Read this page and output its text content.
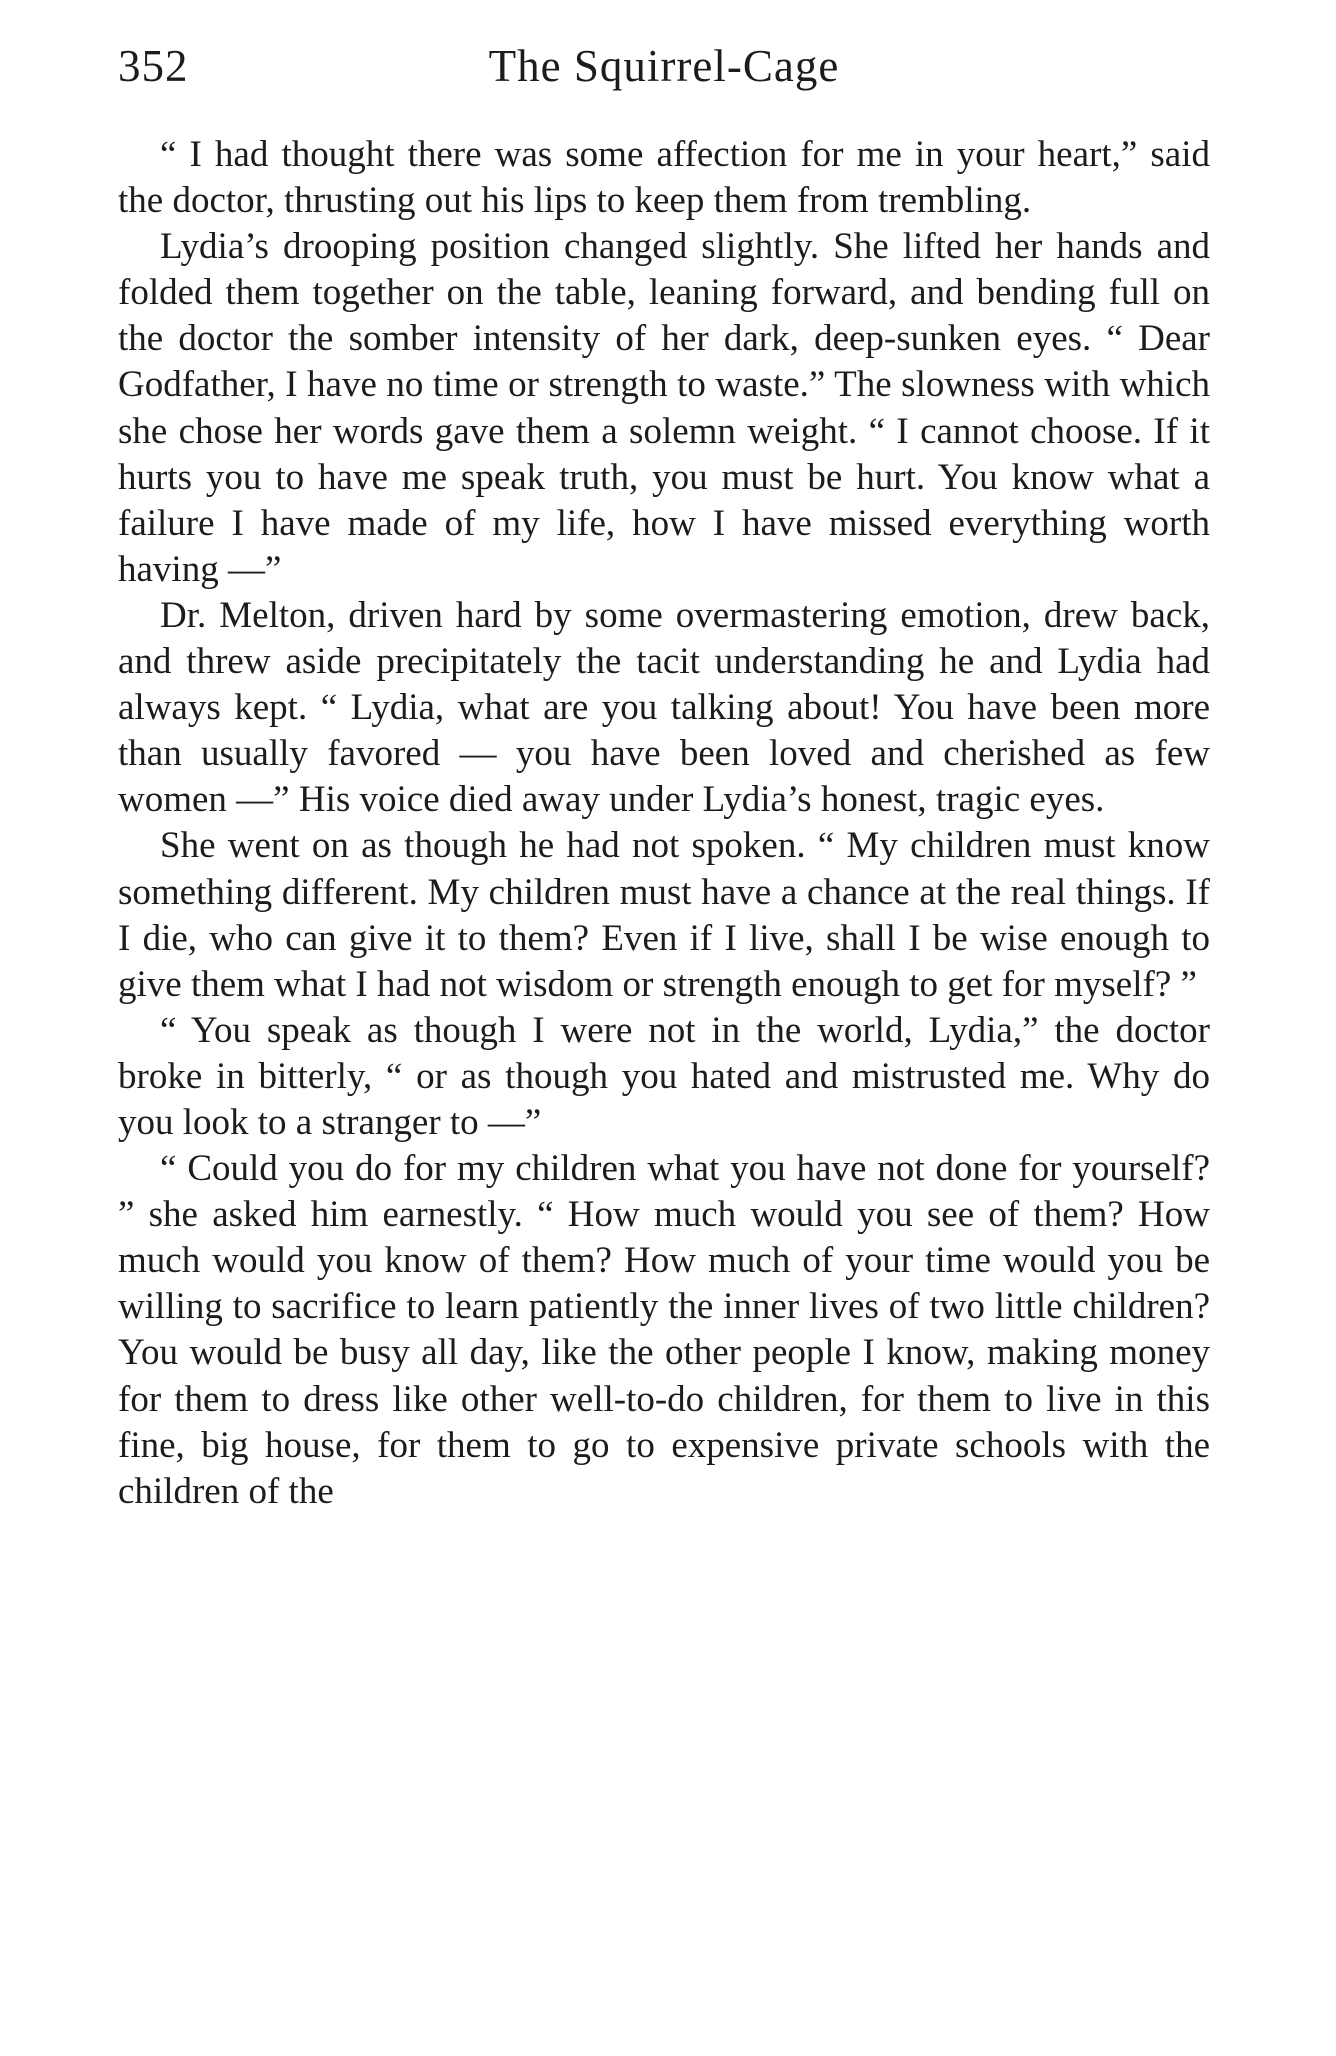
352	The Squirrel-Cage

“ I had thought there was some affection for me in your heart,” said the doctor, thrusting out his lips to keep them from trembling.

Lydia’s drooping position changed slightly. She lifted her hands and folded them together on the table, leaning forward, and bending full on the doctor the somber intensity of her dark, deep-sunken eyes. “ Dear Godfather, I have no time or strength to waste.” The slowness with which she chose her words gave them a solemn weight. “ I cannot choose. If it hurts you to have me speak truth, you must be hurt. You know what a failure I have made of my life, how I have missed everything worth having —”

Dr. Melton, driven hard by some overmastering emotion, drew back, and threw aside precipitately the tacit understanding he and Lydia had always kept. “ Lydia, what are you talking about! You have been more than usually favored — you have been loved and cherished as few women —” His voice died away under Lydia’s honest, tragic eyes.

She went on as though he had not spoken. “ My children must know something different. My children must have a chance at the real things. If I die, who can give it to them? Even if I live, shall I be wise enough to give them what I had not wisdom or strength enough to get for myself? ”

“ You speak as though I were not in the world, Lydia,” the doctor broke in bitterly, “ or as though you hated and mistrusted me. Why do you look to a stranger to —”

“ Could you do for my children what you have not done for yourself? ” she asked him earnestly. “ How much would you see of them? How much would you know of them? How much of your time would you be willing to sacrifice to learn patiently the inner lives of two little children? You would be busy all day, like the other people I know, making money for them to dress like other well-to-do children, for them to live in this fine, big house, for them to go to expensive private schools with the children of the
